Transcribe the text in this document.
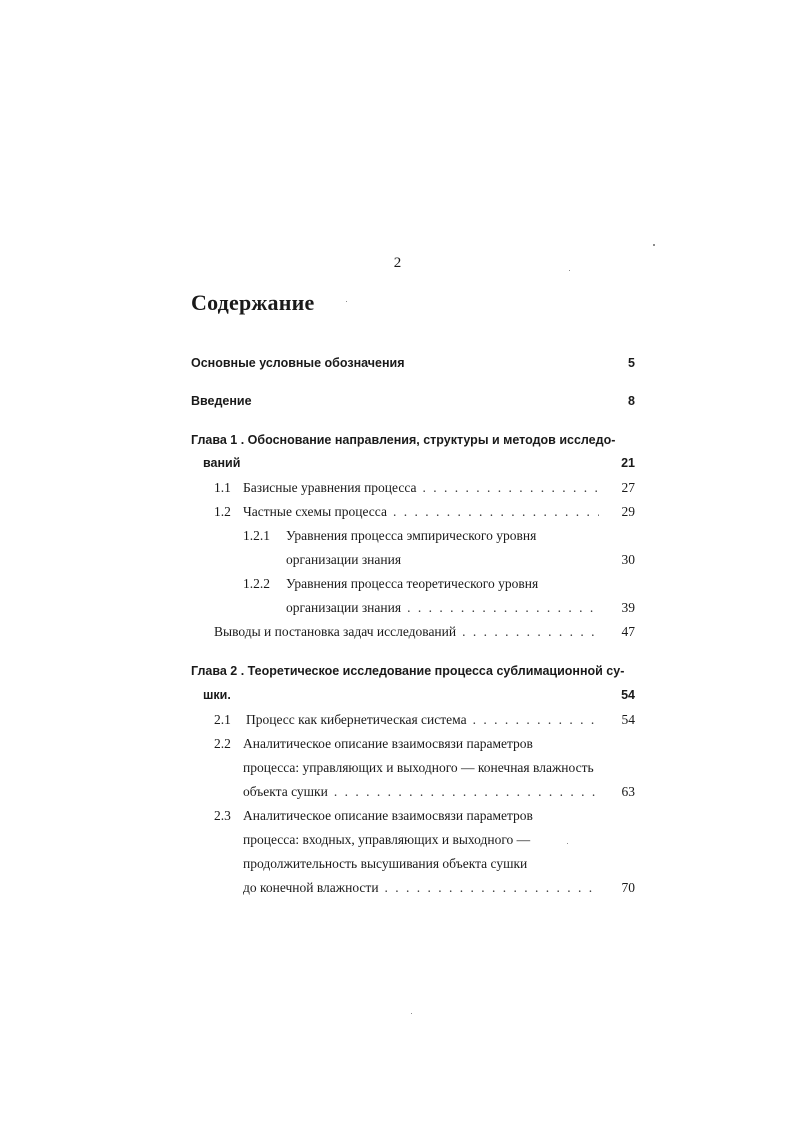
2
Содержание
Основные условные обозначения	5
Введение	8
Глава 1 . Обоснование направления, структуры и методов исследо-
ваний	21
1.1 Базисные уравнения процесса . . .	27
1.2 Частные схемы процесса . . .	29
1.2.1 Уравнения процесса эмпирического уровня
организации знания	30
1.2.2 Уравнения процесса теоретического уровня
организации знания . . .	39
Выводы и постановка задач исследований . . .	47
Глава 2 . Теоретическое исследование процесса сублимационной су-
шки.	54
2.1 Процесс как кибернетическая система . . .	54
2.2 Аналитическое описание взаимосвязи параметров
процесса: управляющих и выходного — конечная влажность
объекта сушки . . .	63
2.3 Аналитическое описание взаимосвязи параметров
процесса: входных, управляющих и выходного —
продолжительность высушивания объекта сушки
до конечной влажности . . .	70
